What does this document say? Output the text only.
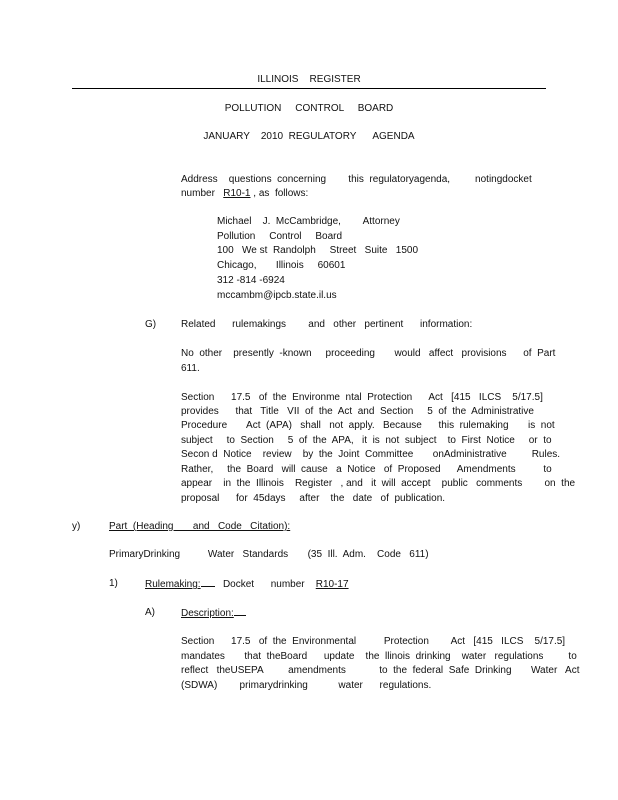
ILLINOIS    REGISTER
POLLUTION     CONTROL     BOARD
JANUARY    2010  REGULATORY      AGENDA
Address    questions  concerning        this  regulatoryagenda,         notingdocket
number   R10-1 , as  follows:
Michael    J.  McCambridge,        Attorney
Pollution     Control     Board
100   We st  Randolph     Street   Suite   1500
Chicago,       Illinois     60601
312 -814 -6924
mccambm@ipcb.state.il.us
G) Related      rulemakings        and   other   pertinent      information:
No  other    presently  -known     proceeding       would   affect   provisions      of  Part
611.
Section      17.5   of  the  Environme  ntal  Protection      Act   [415   ILCS    5/17.5]
provides      that   Title   VII  of  the  Act  and  Section     5  of  the  Administrative
Procedure       Act  (APA)   shall   not  apply.   Because      this  rulemaking       is  not
subject     to  Section     5  of  the  APA,   it  is  not  subject    to  First  Notice     or  to
Secon d  Notice    review    by  the  Joint  Committee       onAdministrative         Rules.
Rather,     the  Board   will  cause   a  Notice   of  Proposed      Amendments          to
appear    in  the  Illinois    Register   , and   it  will  accept    public   comments        on  the
proposal      for  45days     after    the   date   of  publication.
y)	Part  (Heading       and   Code   Citation):
PrimaryDrinking          Water   Standards       (35  Ill.  Adm.    Code   611)
1)	Rulemaking: Docket      number    R10-17
A)	Description:
Section      17.5   of  the  Environmental          Protection        Act   [415   ILCS    5/17.5]
mandates       that  theBoard      update    the  llinois  drinking    water   regulations         to
reflect   theUSEPA         amendments            to  the  federal  Safe  Drinking       Water   Act
(SDWA)        primarydrinking           water      regulations.
